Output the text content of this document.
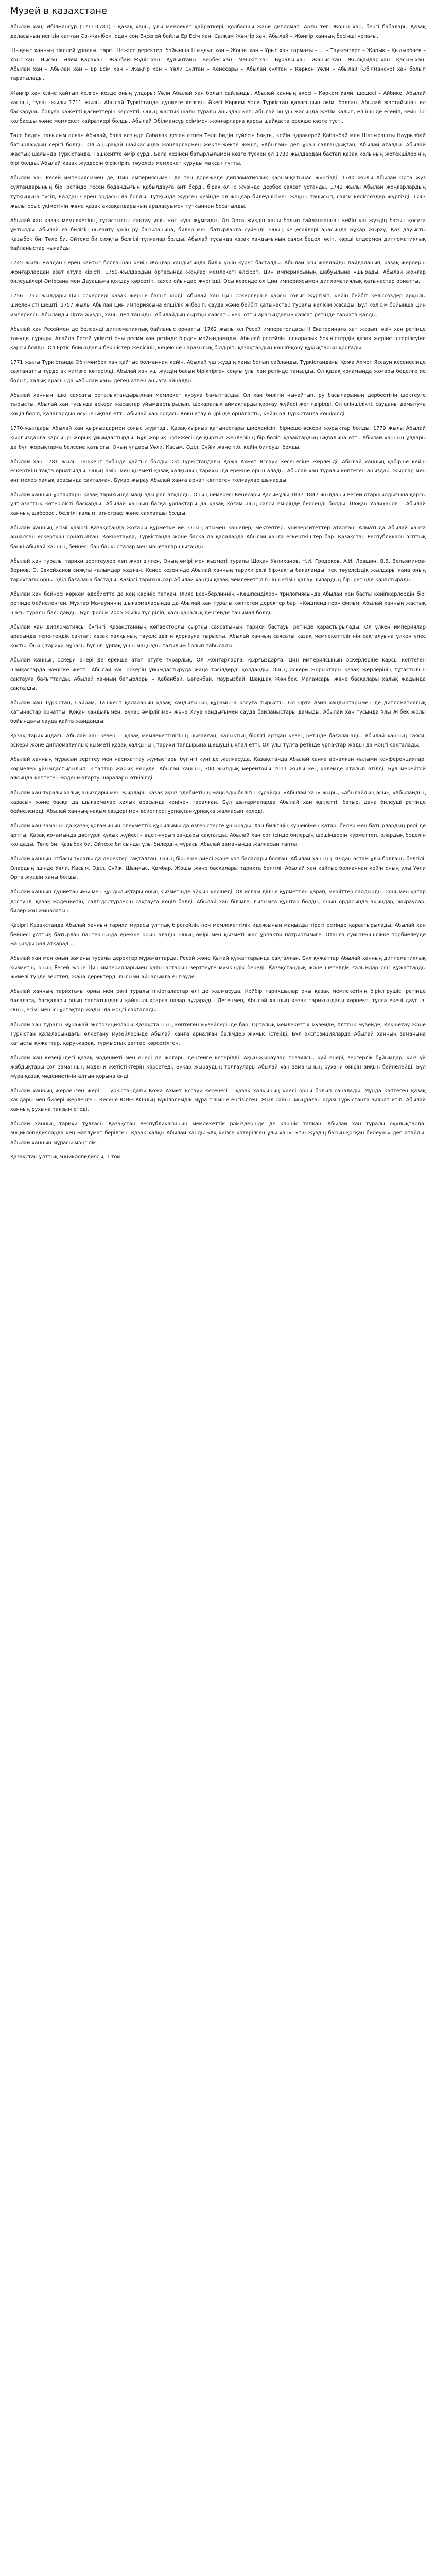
Музей в казахстане

Абылай хан, Әбілмансұр (1711-1781) - қазақ ханы, ұлы мемлекет қайраткері, қолбасшы жане дипломат. Арғы тегі Жошы хан, бергі бабалары Қазақ даласының негізін салған Әз-Жәнібек, одан соң Еңсегей бойлы Ер Есім хан, Салқам Жәңгір хан. Абылай – Жәңгір ханның бесінші ұрпағы.

Шыңғыс ханның тікелей ұрпағы, төре. Шежіре деректері бойынша Шыңғыс хан – Жошы хан – Ұрыс хан тармағы – ... – Таукентөре – Жарық – Қыдырбаев – Ұрыс хан – Нысан – Әлем. Қарахан – Жанбай: Жүніс хан – Құлынтайы – Бөрбес хан – Мешкіт хан – Бұралы хан – Жаныс хан – Жылқайдар хан – Қасым хан. Абылай хан – Абылай хан – Ер Есім хан – Жаңгір хан – Ұәли Сұлтан – Кенесары – Абылай сұлтан – Кәркен Уәли – Абылай (Әбілмансұр) хан болып таратылады.

Жәңгір хан еліне қайтып келген кезде оның ұлдары: Уәли Абылай хан болып сайланды. Абылай ханның әкесі – Көркем Уәли, шешесі – Айбике. Абылай ханның туған жылы 1711 жылы. Абылай Түркістанда дүниеге келген. Әкесі Көркем Уәли Түркістан қаласының әкімі болған. Абылай жастайынан ел басқарушы болуға қажетті қасиеттерін көрсетті. Оның жастық шағы туралы аңыздар көп. Абылай он үш жасында жетім қалып, ел ішінде есейіп, кейін ірі қолбасшы және мемлекет қайраткері болды. Абылай Әбілмансұр есімімен жоңғарларға қарсы шайқаста ерекше көзге түсті.

Төле биден тағылым алған Абылай, бала кезінде Сабалақ деген атпен Төле бидің түйесін бақты, кейін Қаракерей Қабанбай мен Шапырашты Наурызбай батырлардың серігі болды. Ол Аңырақай шайқасында жоңғарлармен жекпе-жекте жеңіп, «Абылай» деп ұран салғандықтан, Абылай аталды. Абылай жастық шағында Түркістанда, Ташкентте өмір сүрді. Бала кезінен батырлығымен көзге түскен ол 1730 жылдардан бастап қазақ қолының жетекшілерінің бірі болды. Абылай қазақ жүздерін біріктіріп, тәуелсіз мемлекет құруды мақсат тұтты.

Абылай хан Ресей империясымен де, Цин империясымен де тең дәрежеде дипломатиялық қарым-қатынас жүргізді. 1740 жылы Абылай Орта жүз сұлтандарының бірі ретінде Ресей бодандығын қабылдауға ант берді, бірақ ол іс жүзінде дербес саясат ұстанды. 1742 жылы Абылай жоңғарлардың тұтқынына түсіп, Ғалдан Серен ордасында болды. Тұтқында жүрген кезінде ол жоңғар билеушісімен жақын танысып, саяси келіссөздер жүргізді. 1743 жылы орыс үкіметінің және қазақ ақсақалдарының араласуымен тұтқыннан босатылды.

Абылай хан қазақ мемлекетінің тұтастығын сақтау үшін көп күш жұмсады. Ол Орта жүздің ханы болып сайланғаннан кейін үш жүздің басын қосуға ұмтылды. Абылай өз билігін нығайту үшін ру басыларына, билер мен батырларға сүйенді. Оның кеңесшілері арасында Бұқар жырау, Қаз дауысты Қазыбек би, Төле би, Әйтеке би сияқты белгілі тұлғалар болды. Абылай тұсында қазақ хандығының саяси беделі өсіп, көрші елдермен дипломатиялық байланыстар нығайды.

1745 жылы Ғалдан Серен қайтыс болғаннан кейін Жоңғар хандығында билік үшін күрес басталды. Абылай осы жағдайды пайдаланып, қазақ жерлерін жоңғарлардан азат етуге кірісті. 1750-жылдардың ортасында жоңғар мемлекеті әлсіреп, Цин империясының шабуылына ұшырады. Абылай жоңғар билеушілері Әмірсана мен Дауашыға қолдау көрсетіп, саяси ойындар жүргізді. Осы кезеңде ол Цин империясымен дипломатиялық қатынастар орнатты.

1756–1757 жылдары Цин әскерлері қазақ жеріне басып кірді. Абылай хан Цин әскерлеріне қарсы соғыс жүргізіп, кейін бейбіт келіссөздер арқылы шиеленісті шешті. 1757 жылы Абылай Цин империясына елшілік жіберіп, сауда және бейбіт қатынастар туралы келісім жасады. Бұл келісім бойынша Цин империясы Абылайды Орта жүздің ханы деп таныды. Абылайдың сыртқы саясаты «екі отты арасындағы» саясат ретінде тарихта қалды.

Абылай хан Ресеймен де белсенді дипломатиялық байланыс орнатты. 1762 жылы ол Ресей императрицасы ІІ Екатеринаға хат жазып, өзін хан ретінде тануды сұрады. Алайда Ресей үкіметі оны ресми хан ретінде бірден мойындамады. Абылай ресейлік шекаралық бекіністердің қазақ жеріне ілгерілеуіне қарсы болды. Ол Ертіс бойындағы бекіністер желісінің кеңеюіне наразылық білдіріп, қазақтардың көшіп-қону құқықтарын қорғады.

1771 жылы Түркістанда Әбілмәмбет хан қайтыс болғаннан кейін, Абылай үш жүздің ханы болып сайланды. Түркістандағы Қожа Ахмет Яссауи кесенесінде салтанатты түрде ақ кигізге көтерілді. Абылай хан үш жүздің басын біріктірген соңғы ұлы хан ретінде танылды. Ол қазақ қоғамында жоғары беделге ие болып, халық арасында «Абылай хан» деген атпен аңызға айналды.

Абылай ханның ішкі саясаты орталықтандырылған мемлекет құруға бағытталды. Ол хан билігін нығайтып, ру басыларының дербестігін шектеуге тырысты. Абылай хан тұсында әскери жасақтар ұйымдастырылып, шекаралық аймақтарды қорғау жүйесі жетілдірілді. Ол егіншілікті, сауданы дамытуға көңіл бөліп, қалалардың өсуіне ықпал етті. Абылай хан ордасы Көкшетау өңірінде орналасты, кейін ол Түркістанға көшірілді.

1770-жылдары Абылай хан қырғыздармен соғыс жүргізді. Қазақ-қырғыз қатынастары шиеленісіп, бірнеше әскери жорықтар болды. 1779 жылы Абылай қырғыздарға қарсы ірі жорық ұйымдастырды. Бұл жорық нәтижесінде қырғыз жерлерінің бір бөлігі қазақтардың ықпалына өтті. Абылай ханның ұлдары да бұл жорықтарға белсене қатысты. Оның ұлдары Уәли, Қасым, Әділ, Сүйік және т.б. кейін билеуші болды.

Абылай хан 1781 жылы Ташкент түбінде қайтыс болды. Ол Түркістандағы Қожа Ахмет Яссауи кесенесіне жерленді. Абылай ханның қабіріне кейін ескерткіш тақта орнатылды. Оның өмірі мен қызметі қазақ халқының тарихында ерекше орын алады. Абылай хан туралы көптеген аңыздар, жырлар мен әңгімелер халық арасында сақталған. Бұқар жырау Абылай ханға арнап көптеген толғаулар шығарды.

Абылай ханның ұрпақтары қазақ тарихында маңызды рөл атқарды. Оның немересі Кенесары Қасымұлы 1837–1847 жылдары Ресей отаршылдығына қарсы ұлт-азаттық көтерілісті басқарды. Абылай ханның басқа ұрпақтары да қазақ қоғамының саяси өмірінде белсенді болды. Шоқан Уәлиханов – Абылай ханның шөбересі, белгілі ғалым, этнограф және саяхатшы болды.

Абылай ханның есімі қазіргі Қазақстанда жоғары құрметке ие. Оның атымен көшелер, мектептер, университеттер аталған. Алматыда Абылай ханға арналған ескерткіш орнатылған. Көкшетауда, Түркістанда және басқа да қалаларда Абылай ханға ескерткіштер бар. Қазақстан Республикасы Ұлттық банкі Абылай ханның бейнесі бар банкноталар мен монеталар шығарды.

Абылай хан туралы тарихи зерттеулер көп жүргізілген. Оның өмірі мен қызметі туралы Шоқан Уәлиханов, Н.И. Гродеков, А.И. Левшин, В.В. Вельяминов-Зернов, Ә. Бөкейханов сияқты ғалымдар жазған. Кеңес кезеңінде Абылай ханның тарихи рөлі біржақты бағаланды, тек тәуелсіздік жылдары ғана оның тарихтағы орны әділ бағалана бастады. Қазіргі тарихшылар Абылай ханды қазақ мемлекеттілігінің негізін қалаушылардың бірі ретінде қарастырады.

Абылай хан бейнесі көркем әдебиетте де кең көрініс тапқан. Ілияс Есенберлиннің «Көшпенділер» трилогиясында Абылай хан басты кейіпкерлердің бірі ретінде бейнеленген. Мұхтар Мағауиннің шығармаларында да Абылай хан туралы көптеген деректер бар. «Көшпенділер» фильмі Абылай ханның жастық шағы туралы баяндайды. Бұл фильм 2005 жылы түсіріліп, халықаралық деңгейде танымал болды.

Абылай хан дипломатиясы бүгінгі Қазақстанның көпвекторлы сыртқы саясатының тарихи бастауы ретінде қарастырылады. Ол үлкен империялар арасында тепе-теңдік сақтап, қазақ халқының тәуелсіздігін қорғауға тырысты. Абылай ханның саясаты қазақ мемлекеттілігінің сақталуына үлкен үлес қосты. Оның тарихи мұрасы бүгінгі ұрпақ үшін маңызды тағылым болып табылады.

Абылай ханның әскери өнері де ерекше атап өтуге тұрарлық. Ол жоңғарларға, қырғыздарға, Цин империясының әскерлеріне қарсы көптеген шайқастарда жеңіске жетті. Абылай хан әскерін ұйымдастыруда жаңа тәсілдерді қолданды. Оның әскери жорықтары қазақ жерлерінің тұтастығын сақтауға бағытталды. Абылай ханның батырлары – Қабанбай, Бөгенбай, Наурызбай, Шақшақ Жәнібек, Малайсары және басқалары халық жадында сақталды.

Абылай хан Түркістан, Сайрам, Ташкент қалаларын қазақ хандығының құрамына қосуға тырысты. Ол Орта Азия хандықтарымен де дипломатиялық қатынастар орнатты. Қоқан хандығымен, Бұхар әмірлігімен және Хиуа хандығымен сауда байланыстары дамыды. Абылай хан тұсында Ұлы Жібек жолы бойындағы сауда қайта жанданды.

Қазақ тарихындағы Абылай хан кезеңі – қазақ мемлекеттілігінің нығайған, халықтың бірлігі артқан кезең ретінде бағаланады. Абылай ханның саяси, әскери және дипломатиялық қызметі қазақ халқының тарихи тағдырына шешуші ықпал етті. Ол ұлы тұлға ретінде ұрпақтар жадында мәңгі сақталады.

Абылай ханның мұрасын зерттеу мен насихаттау жұмыстары бүгінгі күні де жалғасуда. Қазақстанда Абылай ханға арналған ғылыми конференциялар, көрмелер ұйымдастырылып, кітаптар жарық көруде. Абылай ханның 300 жылдық мерейтойы 2011 жылы кең көлемде аталып өтілді. Бұл мерейтой аясында көптеген мәдени-ағарту шаралары өткізілді.

Абылай хан туралы халық аңыздары мен жырлары қазақ ауыз әдебиетінің маңызды бөлігін құрайды. «Абылай хан» жыры, «Абылайдың асы», «Абылайдың қазасы» және басқа да шығармалар халық арасында кеңінен таралған. Бұл шығармаларда Абылай хан әділетті, батыр, дана билеуші ретінде бейнеленеді. Абылай ханның нақыл сөздері мен өсиеттері ұрпақтан-ұрпаққа жалғасып келеді.

Абылай хан заманында қазақ қоғамының әлеуметтік құрылымы да өзгерістерге ұшырады. Хан билігінің күшеюімен қатар, билер мен батырлардың рөлі де артты. Қазақ қоғамында дәстүрлі құқық жүйесі – әдет-ғұрып заңдары сақталды. Абылай хан сот ісінде билердің шешімдерін құрметтеп, олардың беделін қолдады. Төле би, Қазыбек би, Әйтеке би сынды ұлы билердің мұрасы Абылай заманында жалғасын тапты.

Абылай ханның отбасы туралы да деректер сақталған. Оның бірнеше әйелі және көп балалары болған. Абылай ханның 30-дан астам ұлы болғаны белгілі. Олардың ішінде Уәли, Қасым, Әділ, Сүйік, Шыңғыс, Қамбар, Жошы және басқалары тарихта белгілі. Абылай хан қайтыс болғаннан кейін оның ұлы Уәли Орта жүздің ханы болды.

Абылай ханның дүниетанымы мен құндылықтары оның қызметінде айқын көрінеді. Ол ислам дініне құрметпен қарап, мешіттер салдырды. Сонымен қатар дәстүрлі қазақ мәдениетін, салт-дәстүрлерін сақтауға көңіл бөлді. Абылай хан білімге, ғылымға құштар болды, оның ордасында ақындар, жыраулар, билер жиі жиналатын.

Қазіргі Қазақстанда Абылай ханның тарихи мұрасы ұлттық бірегейлік пен мемлекеттілік идеясының маңызды тірегі ретінде қарастырылады. Абылай хан бейнесі ұлттық батырлар пантеонында ерекше орын алады. Оның өмірі мен қызметі жас ұрпақты патриотизмге, Отанға сүйіспеншілікке тәрбиелеуде маңызды рөл атқарады.

Абылай хан мен оның заманы туралы деректер мұрағаттарда, Ресей және Қытай құжаттарында сақталған. Бұл құжаттар Абылай ханның дипломатиялық қызметін, оның Ресей және Цин империяларымен қатынастарын зерттеуге мүмкіндік береді. Қазақстандық және шетелдік ғалымдар осы құжаттарды жүйелі түрде зерттеп, жаңа деректерді ғылыми айналымға енгізуде.

Абылай ханның тарихтағы орны мен рөлі туралы пікірталастар әлі де жалғасуда. Кейбір тарихшылар оны қазақ мемлекетінің біріктірушісі ретінде бағаласа, басқалары оның саясатындағы қайшылықтарға назар аударады. Дегенмен, Абылай ханның қазақ тарихындағы көрнекті тұлға екені даусыз. Оның есімі мен ісі ұрпақтар жадында мәңгі сақталады.

Абылай хан туралы мұражай экспозициялары Қазақстанның көптеген музейлерінде бар. Орталық мемлекеттік музейде, Ұлттық музейде, Көкшетау және Түркістан қалаларындағы өлкетану музейлерінде Абылай ханға арналған бөлімдер жұмыс істейді. Бұл экспозицияларда Абылай ханның заманына қатысты құжаттар, қару-жарақ, тұрмыстық заттар көрсетілген.

Абылай хан кезеңіндегі қазақ мәдениеті мен өнері де жоғары деңгейге көтерілді. Ақын-жыраулар поэзиясы, күй өнері, зергерлік бұйымдар, киіз үй жабдықтары сол заманның мәдени жетістіктерін көрсетеді. Бұқар жыраудың толғаулары Абылай хан заманының рухани өмірін айқын бейнелейді. Бұл мұра қазақ мәдениетінің алтын қорына енді.

Абылай ханның жерленген жері – Түркістандағы Қожа Ахмет Яссауи кесенесі – қазақ халқының киелі орны болып саналады. Мұнда көптеген қазақ хандары мен билері жерленген. Кесене ЮНЕСКО-ның Бүкіләлемдік мұра тізіміне енгізілген. Жыл сайын мыңдаған адам Түркістанға зиярат етіп, Абылай ханның рухына тағзым етеді.

Абылай ханның тарихи тұлғасы Қазақстан Республикасының мемлекеттік рәміздерінде де көрініс тапқан. Абылай хан туралы оқулықтарда, энциклопедияларда кең мағлұмат берілген. Қазақ халқы Абылай ханды «Ақ киізге көтерілген ұлы хан», «Үш жүздің басын қосқан билеуші» деп атайды. Абылай ханның мұрасы мәңгілік.

Қазақстан ұлттық энциклопедиясы, 1 том
